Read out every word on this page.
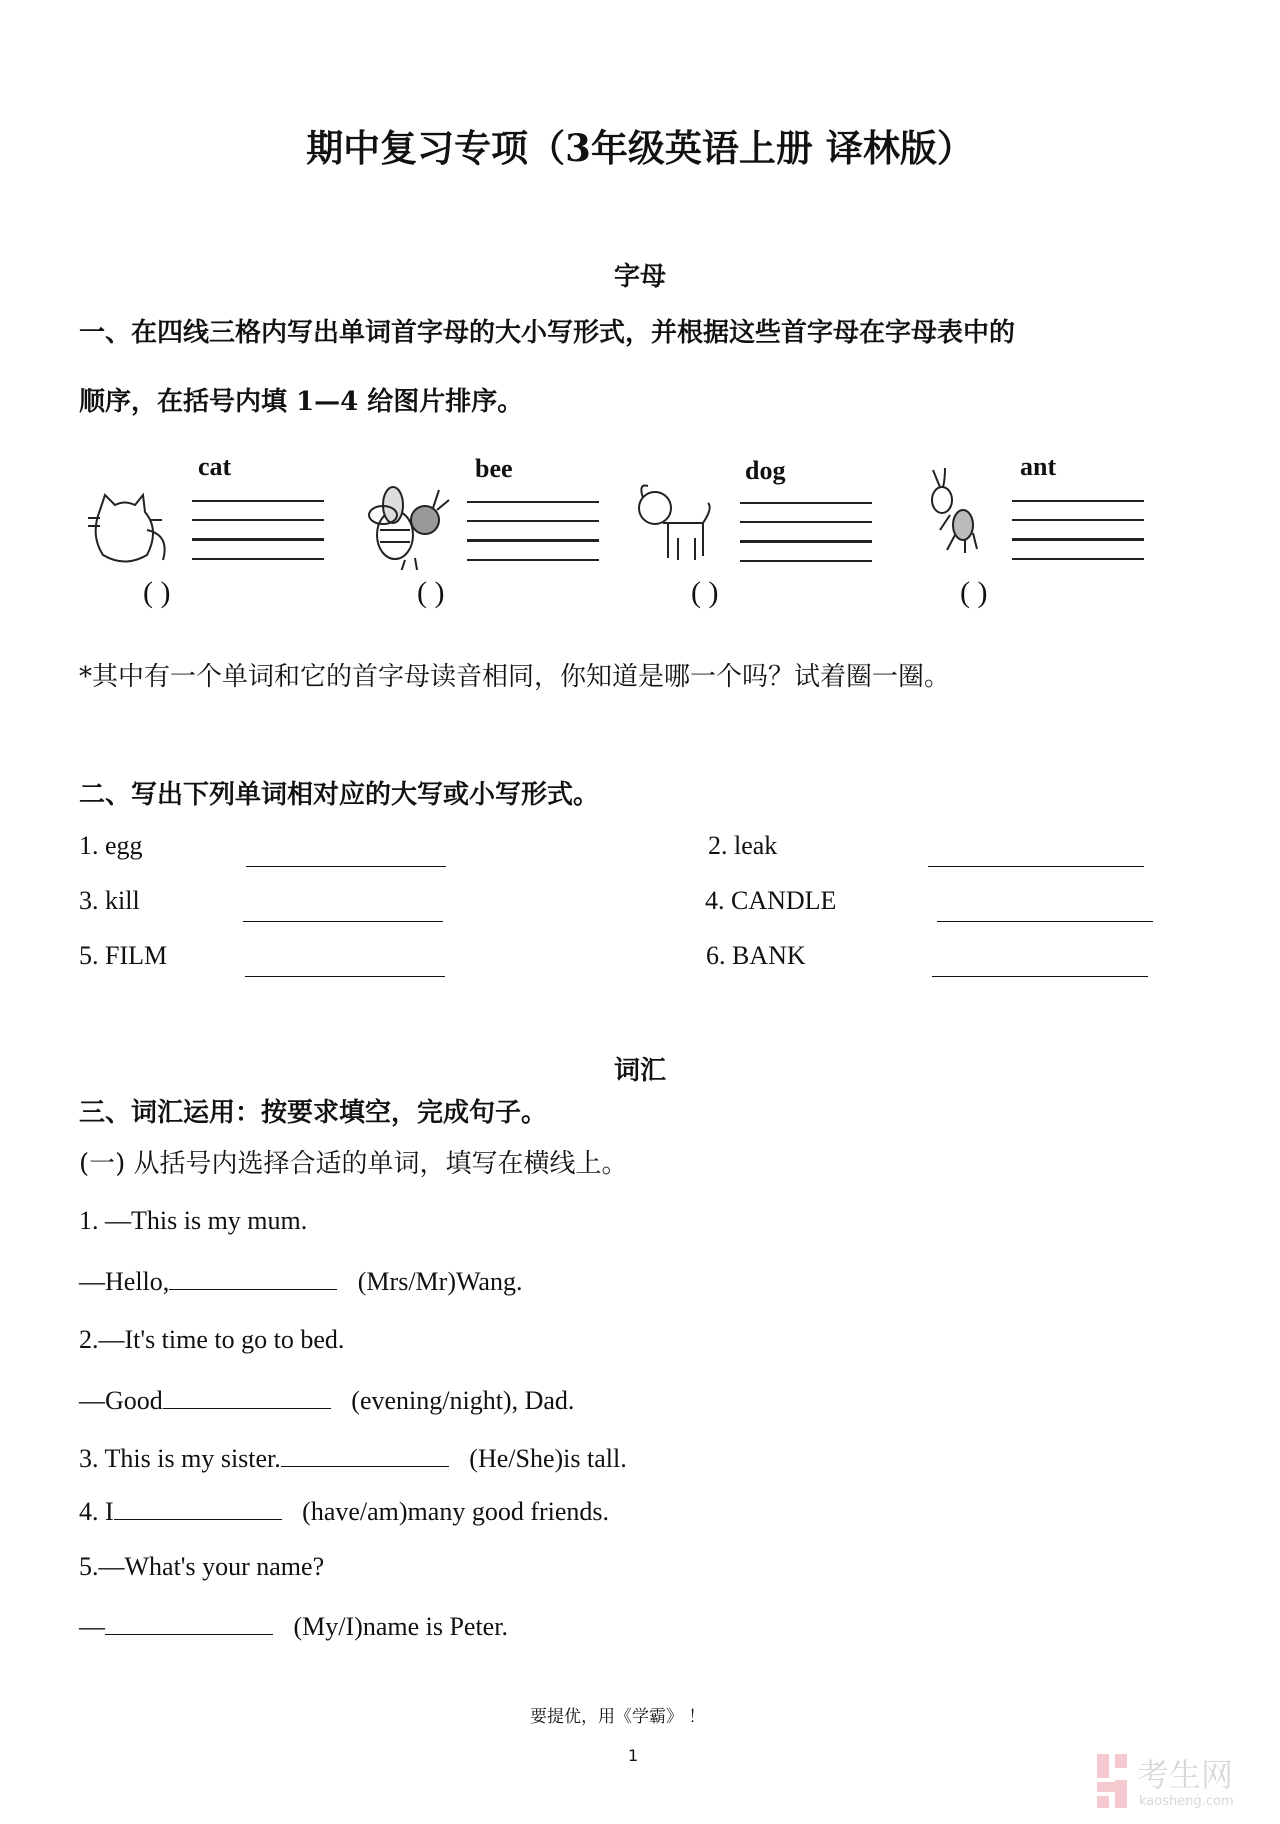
期中复习专项（3年级英语上册 译林版）
字母
一、在四线三格内写出单词首字母的大小写形式，并根据这些首字母在字母表中的
顺序，在括号内填 1—4 给图片排序。
cat
( )
bee
( )
dog
( )
ant
( )
*其中有一个单词和它的首字母读音相同，你知道是哪一个吗？试着圈一圈。
二、写出下列单词相对应的大写或小写形式。
1. egg	2. leak
3. kill	4. CANDLE
5. FILM	6. BANK
词汇
三、词汇运用：按要求填空，完成句子。
(一) 从括号内选择合适的单词，填写在横线上。
1. —This is my mum.
—Hello,	(Mrs/Mr)Wang.
2.—It's time to go to bed.
—Good	(evening/night), Dad.
3. This is my sister.	(He/She)is tall.
4. I	(have/am)many good friends.
5.—What's your name?
—	(My/I)name is Peter.
要提优，用《学霸》 ！
1
考生网
kaosheng.com
